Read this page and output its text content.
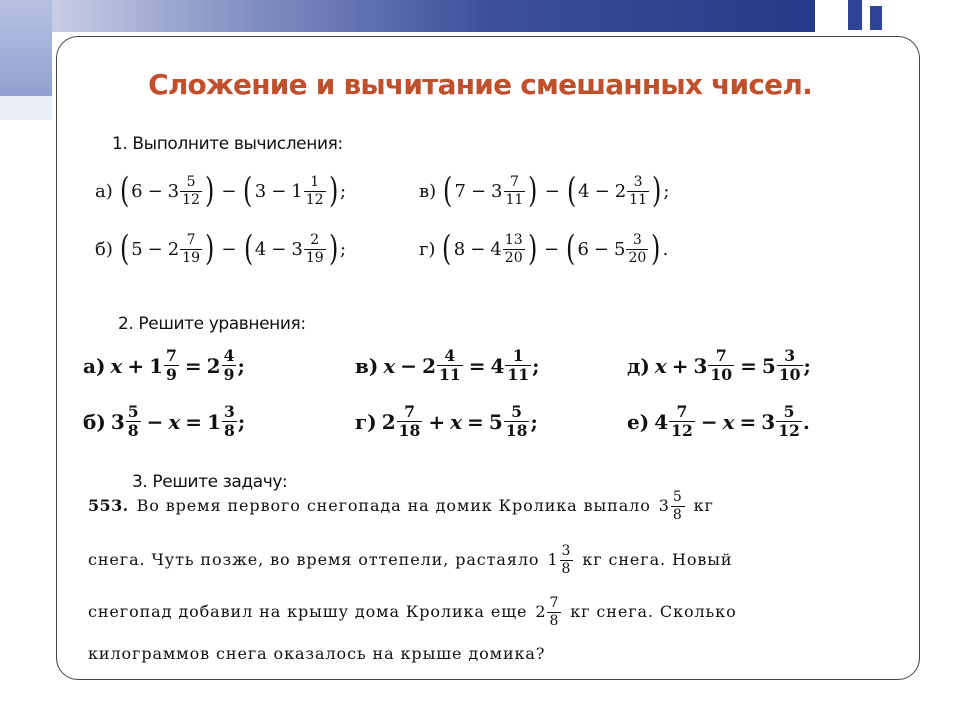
Сложение и вычитание смешанных чисел.
1. Выполните вычисления:
а) ( $6 - 3 \frac{5}{12}$ ) − ( $3 - 1 \frac{1}{12}$ ) ;
б) ( $5 - 2 \frac{7}{19}$ ) − ( $4 - 3 \frac{2}{19}$ ) ;
в) ( $7 - 3 \frac{7}{11}$ ) − ( $4 - 2 \frac{3}{11}$ ) ;
г) ( $8 - 4 \frac{13}{20}$ ) − ( $6 - 5 \frac{3}{20}$ ) .
2. Решите уравнения:
а) $x + 1 \frac{7}{9} = 2 \frac{4}{9}$ ;
б) $3 \frac{5}{8} - x = 1 \frac{3}{8}$ ;
в) $x - 2 \frac{4}{11} = 4 \frac{1}{11}$ ;
г) $2 \frac{7}{18} + x = 5 \frac{5}{18}$ ;
д) $x + 3 \frac{7}{10} = 5 \frac{3}{10}$ ;
е) $4 \frac{7}{12} - x = 3 \frac{5}{12}$ .
3. Решите задачу:
553. Во время первого снегопада на домик Кролика выпало $3 \frac{5}{8}$ кг
снега. Чуть позже, во время оттепели, растаяло $1 \frac{3}{8}$ кг снега. Новый
снегопад добавил на крышу дома Кролика еще $2 \frac{7}{8}$ кг снега. Сколько
килограммов снега оказалось на крыше домика?
